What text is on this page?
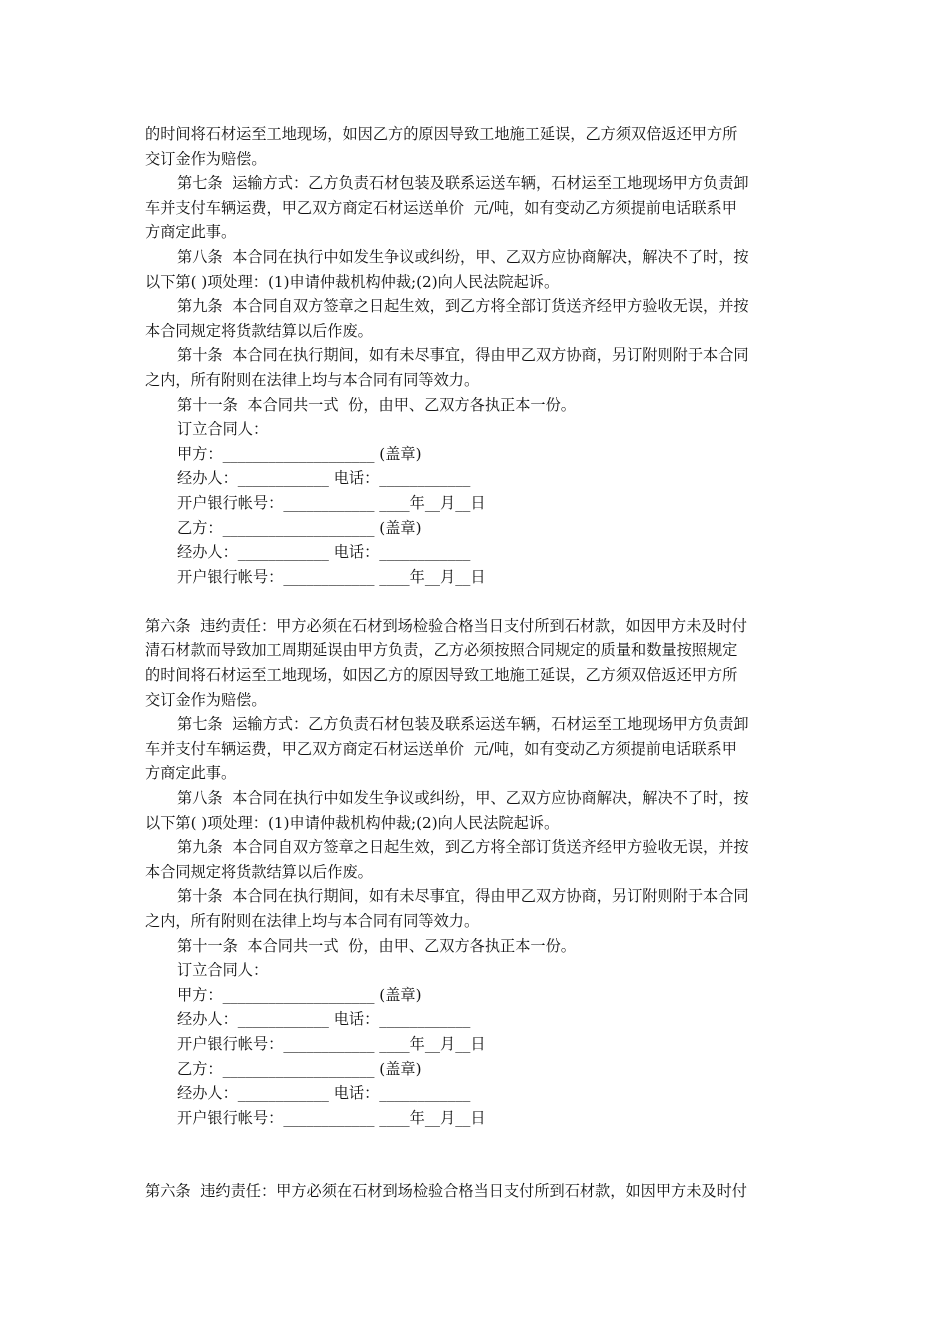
的时间将石材运至工地现场，如因乙方的原因导致工地施工延误，乙方须双倍返还甲方所
交订金作为赔偿。
第七条  运输方式：乙方负责石材包装及联系运送车辆，石材运至工地现场甲方负责卸
车并支付车辆运费，甲乙双方商定石材运送单价  元/吨，如有变动乙方须提前电话联系甲
方商定此事。
第八条  本合同在执行中如发生争议或纠纷，甲、乙双方应协商解决，解决不了时，按
以下第( )项处理：(1)申请仲裁机构仲裁;(2)向人民法院起诉。
第九条  本合同自双方签章之日起生效，到乙方将全部订货送齐经甲方验收无误，并按
本合同规定将货款结算以后作废。
第十条  本合同在执行期间，如有未尽事宜，得由甲乙双方协商，另订附则附于本合同
之内，所有附则在法律上均与本合同有同等效力。
第十一条  本合同共一式  份，由甲、乙双方各执正本一份。
订立合同人：
甲方：____________________ (盖章)
经办人：____________ 电话：____________
开户银行帐号：____________ ____年__月__日
乙方：____________________ (盖章)
经办人：____________ 电话：____________
开户银行帐号：____________ ____年__月__日
第六条  违约责任：甲方必须在石材到场检验合格当日支付所到石材款，如因甲方未及时付
清石材款而导致加工周期延误由甲方负责，乙方必须按照合同规定的质量和数量按照规定
的时间将石材运至工地现场，如因乙方的原因导致工地施工延误，乙方须双倍返还甲方所
交订金作为赔偿。
第七条  运输方式：乙方负责石材包装及联系运送车辆，石材运至工地现场甲方负责卸
车并支付车辆运费，甲乙双方商定石材运送单价  元/吨，如有变动乙方须提前电话联系甲
方商定此事。
第八条  本合同在执行中如发生争议或纠纷，甲、乙双方应协商解决，解决不了时，按
以下第( )项处理：(1)申请仲裁机构仲裁;(2)向人民法院起诉。
第九条  本合同自双方签章之日起生效，到乙方将全部订货送齐经甲方验收无误，并按
本合同规定将货款结算以后作废。
第十条  本合同在执行期间，如有未尽事宜，得由甲乙双方协商，另订附则附于本合同
之内，所有附则在法律上均与本合同有同等效力。
第十一条  本合同共一式  份，由甲、乙双方各执正本一份。
订立合同人：
甲方：____________________ (盖章)
经办人：____________ 电话：____________
开户银行帐号：____________ ____年__月__日
乙方：____________________ (盖章)
经办人：____________ 电话：____________
开户银行帐号：____________ ____年__月__日
第六条  违约责任：甲方必须在石材到场检验合格当日支付所到石材款，如因甲方未及时付
